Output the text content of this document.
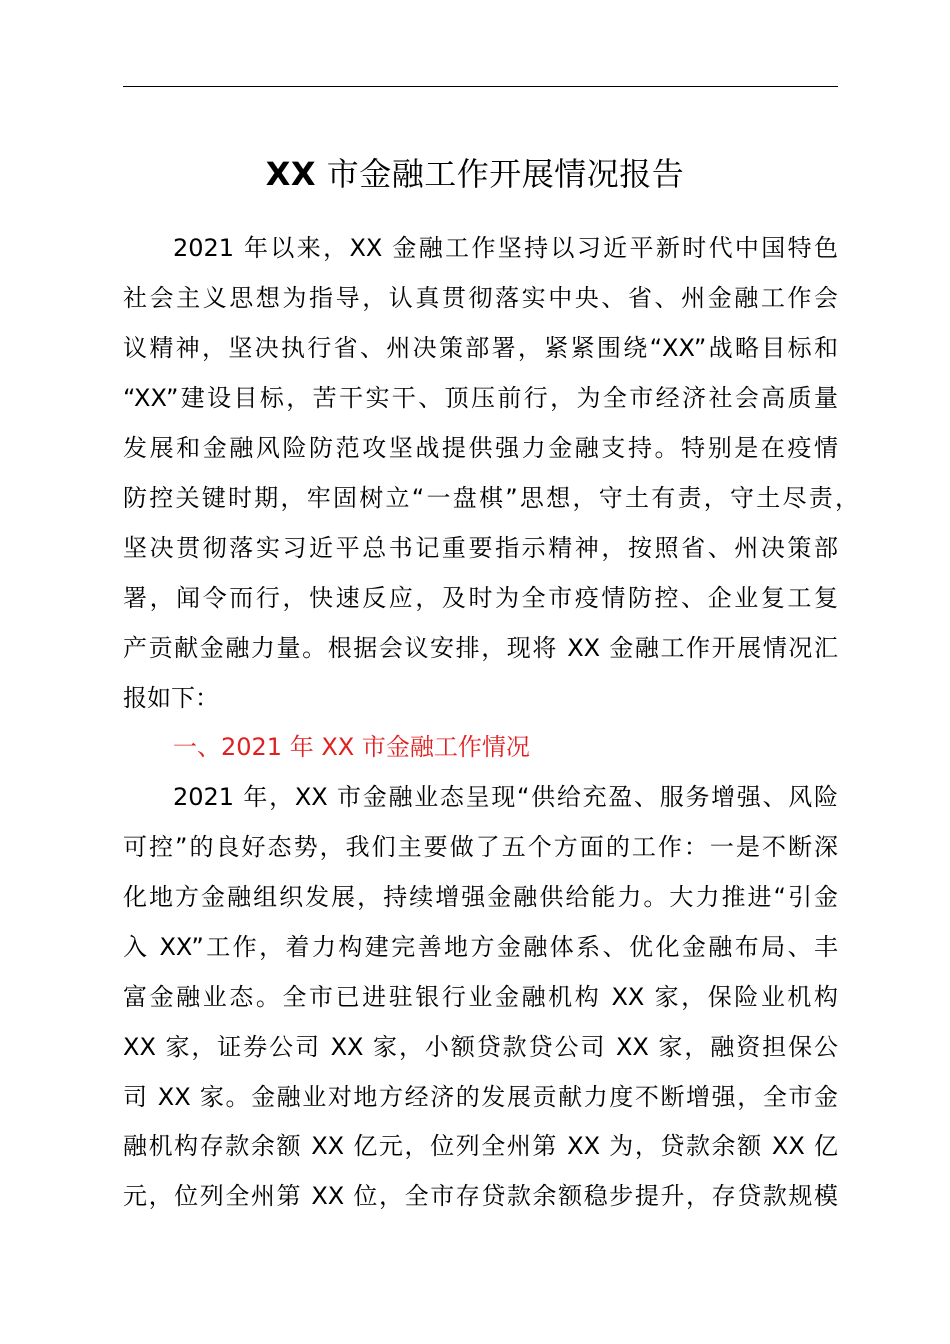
XX 市金融工作开展情况报告
2021 年以来，XX 金融工作坚持以习近平新时代中国特色
社会主义思想为指导，认真贯彻落实中央、省、州金融工作会
议精神，坚决执行省、州决策部署，紧紧围绕“XX”战略目标和
“XX”建设目标，苦干实干、顶压前行，为全市经济社会高质量
发展和金融风险防范攻坚战提供强力金融支持。特别是在疫情
防控关键时期，牢固树立“一盘棋”思想，守土有责，守土尽责，
坚决贯彻落实习近平总书记重要指示精神，按照省、州决策部
署，闻令而行，快速反应，及时为全市疫情防控、企业复工复
产贡献金融力量。根据会议安排，现将 XX 金融工作开展情况汇
报如下：
一、2021 年 XX 市金融工作情况
2021 年，XX 市金融业态呈现“供给充盈、服务增强、风险
可控”的良好态势，我们主要做了五个方面的工作：一是不断深
化地方金融组织发展，持续增强金融供给能力。大力推进“引金
入 XX”工作，着力构建完善地方金融体系、优化金融布局、丰
富金融业态。全市已进驻银行业金融机构 XX 家，保险业机构
XX 家，证券公司 XX 家，小额贷款贷公司 XX 家，融资担保公
司 XX 家。金融业对地方经济的发展贡献力度不断增强，全市金
融机构存款余额 XX 亿元，位列全州第 XX 为，贷款余额 XX 亿
元，位列全州第 XX 位，全市存贷款余额稳步提升，存贷款规模
